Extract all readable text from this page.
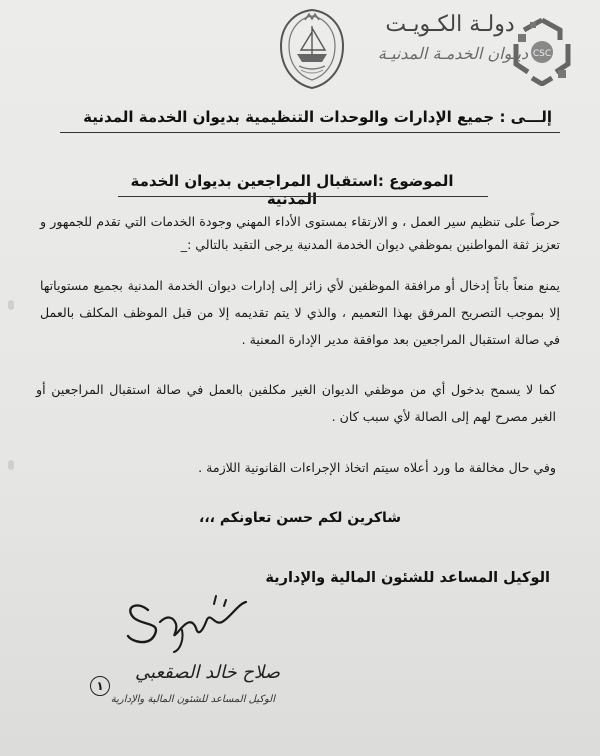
دولـة الكـويـت
ديـوان الخدمـة المدنيـة CSC
إلـــى : جميع الإدارات والوحدات التنظيمية بديوان الخدمة المدنية
الموضوع :استقبال المراجعين بديوان الخدمة المدنية
حرصاً على تنظيم سير العمل ، و الارتقاء بمستوى الأداء المهني وجودة الخدمات التي تقدم للجمهور و تعزيز ثقة المواطنين بموظفي ديوان الخدمة المدنية يرجى التقيد بالتالي :_
يمنع منعاً باتاً إدخال أو مرافقة الموظفين لأي زائر إلى إدارات ديوان الخدمة المدنية بجميع مستوياتها إلا بموجب التصريح المرفق بهذا التعميم ، والذي لا يتم تقديمه إلا من قبل الموظف المكلف بالعمل في صالة استقبال المراجعين بعد موافقة مدير الإدارة المعنية .
كما لا يسمح بدخول أي من موظفي الديوان الغير مكلفين بالعمل في صالة استقبال المراجعين أو الغير مصرح لهم إلى الصالة لأي سبب كان .
وفي حال مخالفة ما ورد أعلاه سيتم اتخاذ الإجراءات القانونية اللازمة .
شاكرين لكم حسن تعاونكم ،،،
الوكيل المساعد للشئون المالية والإدارية
صلاح خالد الصقعبي
١
الوكيل المساعد للشئون المالية والإدارية
